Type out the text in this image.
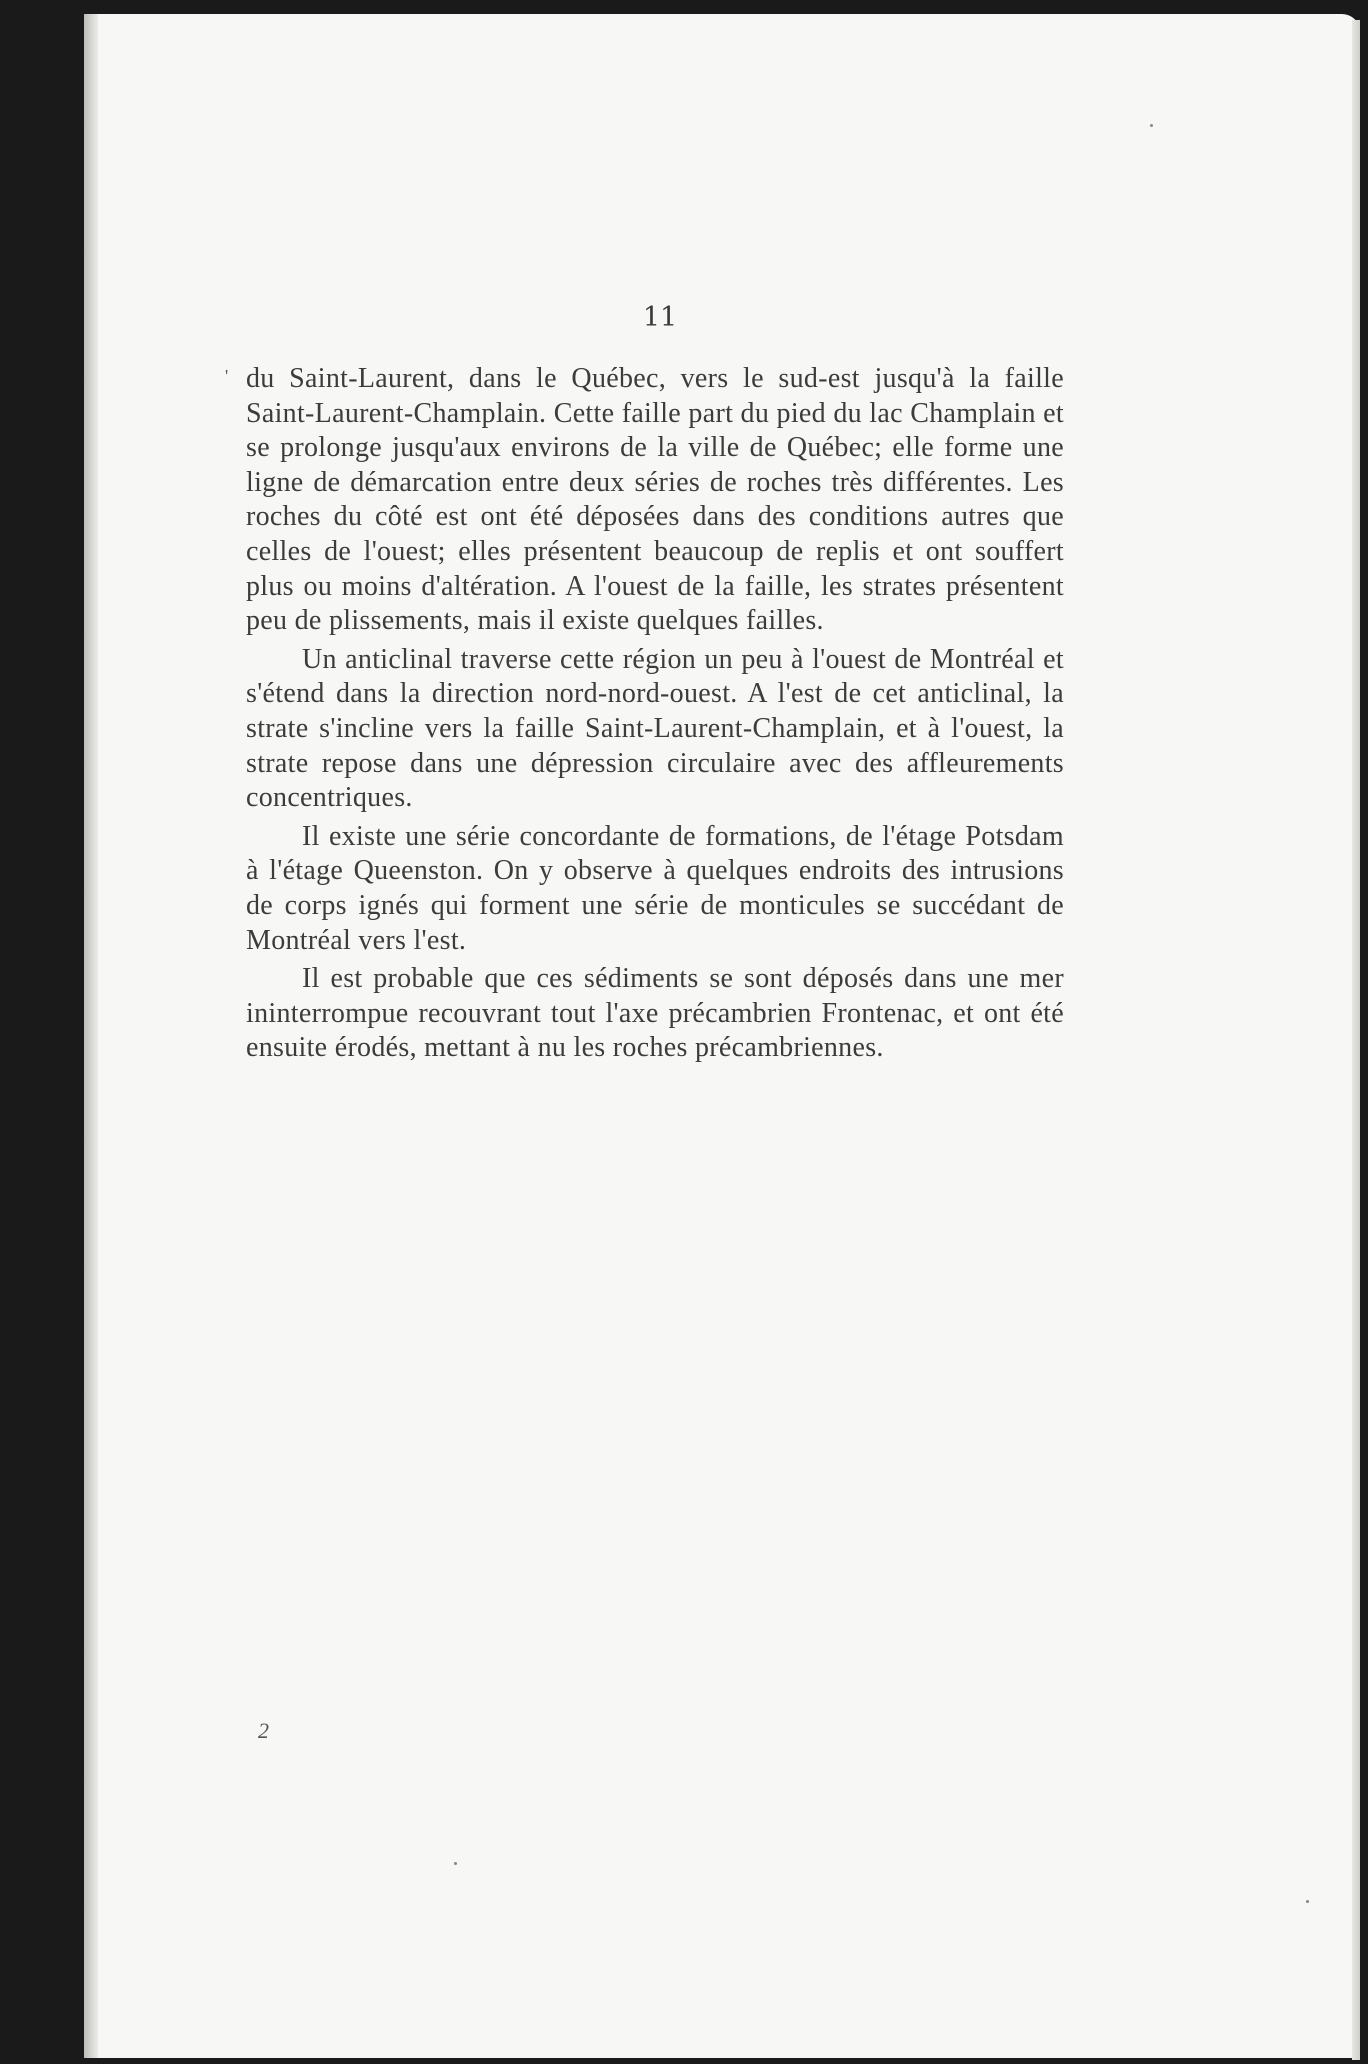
11
' du Saint-Laurent, dans le Québec, vers le sud-est jusqu'à la faille Saint-Laurent-Champlain. Cette faille part du pied du lac Champlain et se prolonge jusqu'aux environs de la ville de Québec; elle forme une ligne de démarcation entre deux séries de roches très différentes. Les roches du côté est ont été déposées dans des conditions autres que celles de l'ouest; elles présentent beaucoup de replis et ont souffert plus ou moins d'altération. A l'ouest de la faille, les strates présentent peu de plissements, mais il existe quelques failles.

Un anticlinal traverse cette région un peu à l'ouest de Montréal et s'étend dans la direction nord-nord-ouest. A l'est de cet anticlinal, la strate s'incline vers la faille Saint-Laurent-Champlain, et à l'ouest, la strate repose dans une dépression circulaire avec des affleurements concentriques.

Il existe une série concordante de formations, de l'étage Potsdam à l'étage Queenston. On y observe à quelques endroits des intrusions de corps ignés qui forment une série de monticules se succédant de Montréal vers l'est.

Il est probable que ces sédiments se sont déposés dans une mer ininterrompue recouvrant tout l'axe précambrien Frontenac, et ont été ensuite érodés, mettant à nu les roches précambriennes.

2
